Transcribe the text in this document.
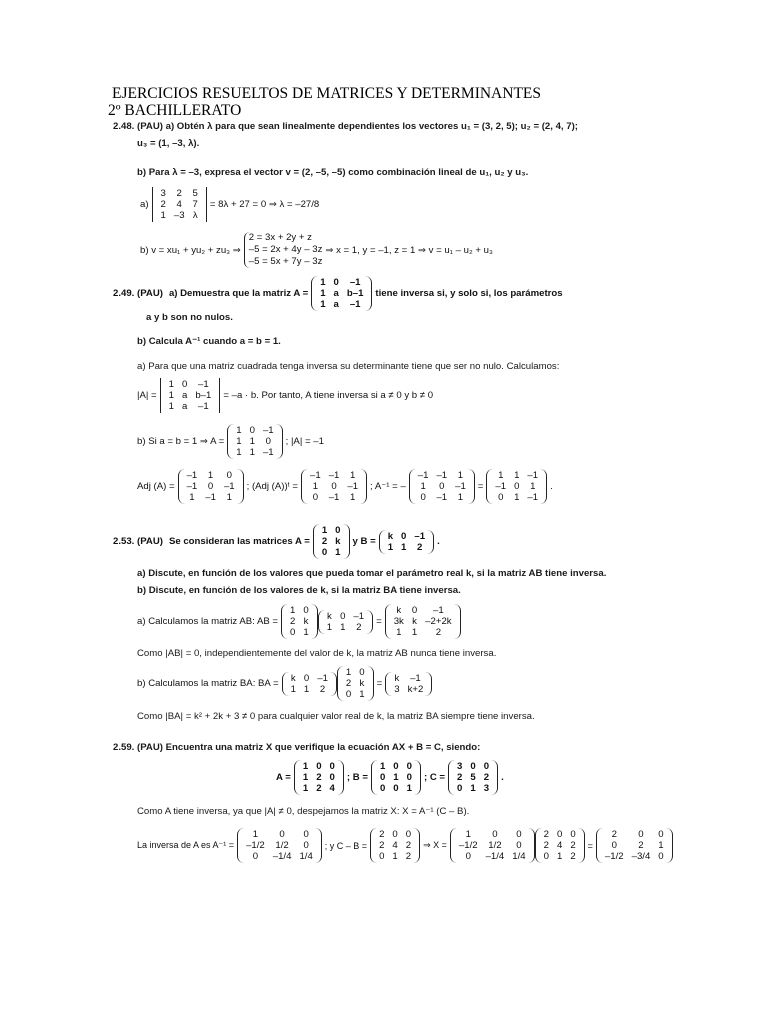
EJERCICIOS RESUELTOS DE MATRICES Y DETERMINANTES
2º BACHILLERATO
2.48. (PAU) a) Obtén λ para que sean linealmente dependientes los vectores u₁ = (3, 2, 5); u₂ = (2, 4, 7);
u₃ = (1, –3, λ).
b) Para λ = –3, expresa el vector v = (2, –5, –5) como combinación lineal de u₁, u₂ y u₃.
a)
3	2	5
2	4	7
1	–3	λ
= 8λ + 27 = 0 ⇒ λ = –27/8
b) v = xu₁ + yu₂ + zu₃ ⇒
2 = 3x + 2y + z
–5 = 2x + 4y – 3z
–5 = 5x + 7y – 3z
⇒ x = 1, y = –1, z = 1 ⇒ v = u₁ – u₂ + u₃
2.49. (PAU) a) Demuestra que la matriz A =
1	0	–1
1	a	b–1
1	a	–1
tiene inversa si, y solo si, los parámetros
a y b son no nulos.
b) Calcula A⁻¹ cuando a = b = 1.
a) Para que una matriz cuadrada tenga inversa su determinante tiene que ser no nulo. Calculamos:
|A| =
1	0	–1
1	a	b–1
1	a	–1
= –a · b. Por tanto, A tiene inversa si a ≠ 0 y b ≠ 0
b) Si a = b = 1 ⇒ A =
1	0	–1
1	1	0
1	1	–1
; |A| = –1
Adj (A) =
–1	1	0
–1	0	–1
1	–1	1
; (Adj (A))ᵗ =
–1	–1	1
1	0	–1
0	–1	1
; A⁻¹ = –
–1	–1	1
1	0	–1
0	–1	1
=
1	1	–1
–1	0	1
0	1	–1
.
2.53. (PAU) Se consideran las matrices A =
1	0
2	k
0	1
y B = k	0	–1
1	1	2 .
a) Discute, en función de los valores que pueda tomar el parámetro real k, si la matriz AB tiene inversa.
b) Discute, en función de los valores de k, si la matriz BA tiene inversa.
a) Calculamos la matriz AB: AB =
1	0
2	k
0	1
k	0	–1
1	1	2 =
k	0	–1
3k	k	–2+2k
1	1	2
Como |AB| = 0, independientemente del valor de k, la matriz AB nunca tiene inversa.
b) Calculamos la matriz BA: BA = k	0	–1
1	1	2
1	0
2	k
0	1
= k	–1
3	k+2
Como |BA| = k² + 2k + 3 ≠ 0 para cualquier valor real de k, la matriz BA siempre tiene inversa.
2.59. (PAU) Encuentra una matriz X que verifique la ecuación AX + B = C, siendo:
A =
1	0	0
1	2	0
1	2	4
; B =
1	0	0
0	1	0
0	0	1
; C =
3	0	0
2	5	2
0	1	3
.
Como A tiene inversa, ya que |A| ≠ 0, despejamos la matriz X: X = A⁻¹ (C – B).
La inversa de A es A⁻¹ =
1	0	0
–1/2	1/2	0
0	–1/4	1/4
; y C – B =
2	0	0
2	4	2
0	1	2
⇒ X =
1	0	0
–1/2	1/2	0
0	–1/4	1/4
2	0	0
2	4	2
0	1	2
=
2	0	0
0	2	1
–1/2	–3/4	0
